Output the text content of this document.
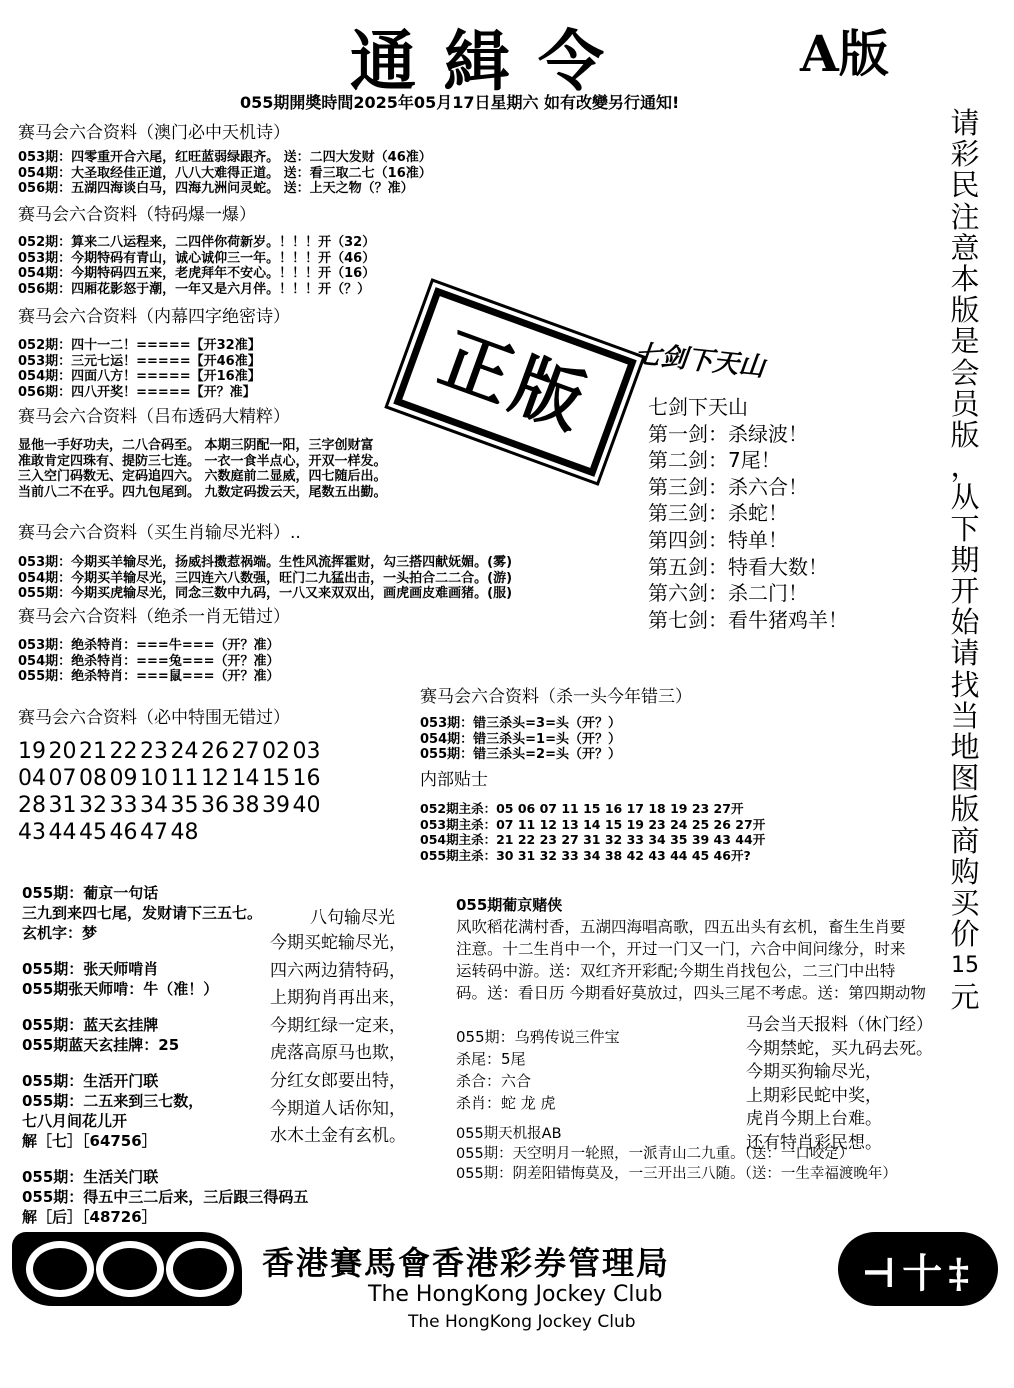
通緝令	A版
055期開奬時間2025年05月17日星期六 如有改變另行通知!
请
彩
民
注
意
本
版
是
会
员
版
，
从
下
期
开
始
请
找
当
地
图
版
商
购
买
价
15
元
赛马会六合资料（澳门必中天机诗）
053期：四零重开合六尾，红旺蓝弱绿跟齐。 送：二四大发财（46准）
054期：大圣取经佳正道，八八大难得正道。 送：看三取二七（16准）
056期：五湖四海谈白马，四海九洲问灵蛇。 送：上天之物（？准）
赛马会六合资料（特码爆一爆）
052期：算来二八运程来，二四伴你荷新岁。！！！开（32）
053期：今期特码有青山，诚心诚仰三一年。！！！开（46）
054期：今期特码四五来，老虎拜年不安心。！！！开（16）
056期：四厢花影怒于潮，一年又是六月伴。！！！开（？）
赛马会六合资料（内幕四字绝密诗）
052期：四十一二！=====【开32准】
053期：三元七运！=====【开46准】
054期：四面八方！=====【开16准】
056期：四八开奖！=====【开？准】	正版
赛马会六合资料（吕布透码大精粹）
显他一手好功夫，二八合码至。 本期三阴配一阳，三字创财富
准敢肯定四珠有、提防三七连。 一衣一食半点心，开双一样发。
三入空门码数无、定码追四六。 六数庭前二显威，四七随后出。
当前八二不在乎。四九包尾到。 九数定码拨云天，尾数五出勤。
赛马会六合资料（买生肖输尽光料）..
053期：今期买羊输尽光，扬威抖擞惹祸端。生性风流挥霍财，勾三搭四献妩媚。(雾)
054期：今期买羊输尽光，三四连六八数强，旺门二九猛出击，一头拍合二二合。(游)
055期：今期买虎输尽光，同念三数中九码，一八又来双双出，画虎画皮难画猪。(服)
赛马会六合资料（绝杀一肖无错过）
053期：绝杀特肖：===牛===（开？准）
054期：绝杀特肖：===兔===（开？准）
055期：绝杀特肖：===鼠===（开？准）
赛马会六合资料（必中特围无错过）
19 20 21 22 23 24 26 27 02 03
04 07 08 09 10 11 12 14 15 16
28 31 32 33 34 35 36 38 39 40
43 44 45 46 47 48
七剑下天山
七剑下天山
第一剑：杀绿波！
第二剑：7尾！
第三剑：杀六合！
第三剑：杀蛇！
第四剑：特单！
第五剑：特看大数！
第六剑：杀二门！
第七剑：看牛猪鸡羊！
赛马会六合资料（杀一头今年错三）
053期：错三杀头=3=头（开？）
054期：错三杀头=1=头（开？）
055期：错三杀头=2=头（开？）
内部贴士
052期主杀：05 06 07 11 15 16 17 18 19 23 27开
053期主杀：07 11 12 13 14 15 19 23 24 25 26 27开
054期主杀：21 22 23 27 31 32 33 34 35 39 43 44开
055期主杀：30 31 32 33 34 38 42 43 44 45 46开?
055期：葡京一句话
三九到来四七尾，发财请下三五七。
玄机字：梦
055期：张天师啃肖
055期张天师啃：牛（准！）
055期：蓝天玄挂牌
055期蓝天玄挂牌：25
055期：生活开门联
055期：二五来到三七数，
七八月间花儿开
解［七］［64756］
055期：生活关门联
055期：得五中三二后来，三后跟三得码五
解［后］［48726］
八句输尽光
今期买蛇输尽光，
四六两边猜特码，
上期狗肖再出来，
今期红绿一定来，
虎落高原马也欺，
分红女郎要出特，
今期道人话你知，
水木土金有玄机。
055期葡京赌侠
风吹稻花满村香，五湖四海唱高歌，四五出头有玄机，畜生生肖要
注意。十二生肖中一个，开过一门又一门，六合中间问缘分，时来
运转码中游。送：双红齐开彩配;今期生肖找包公，二三门中出特
码。送：看日历 今期看好莫放过，四头三尾不考虑。送：第四期动物
055期：乌鸦传说三件宝
杀尾：5尾
杀合：六合
杀肖：蛇 龙 虎
马会当天报料（休门经）
今期禁蛇，买九码去死。
今期买狗输尽光，
上期彩民蛇中奖，
虎肖今期上台难。
还有特肖彩民想。
055期天机报AB
055期：天空明月一轮照，一派青山二九重。（送：一口咬定）
055期：阴差阳错悔莫及，一三开出三八随。（送：一生幸福渡晚年）
⊣十‡
香港賽馬會香港彩券管理局
The HongKong Jockey Club
The HongKong Jockey Club
